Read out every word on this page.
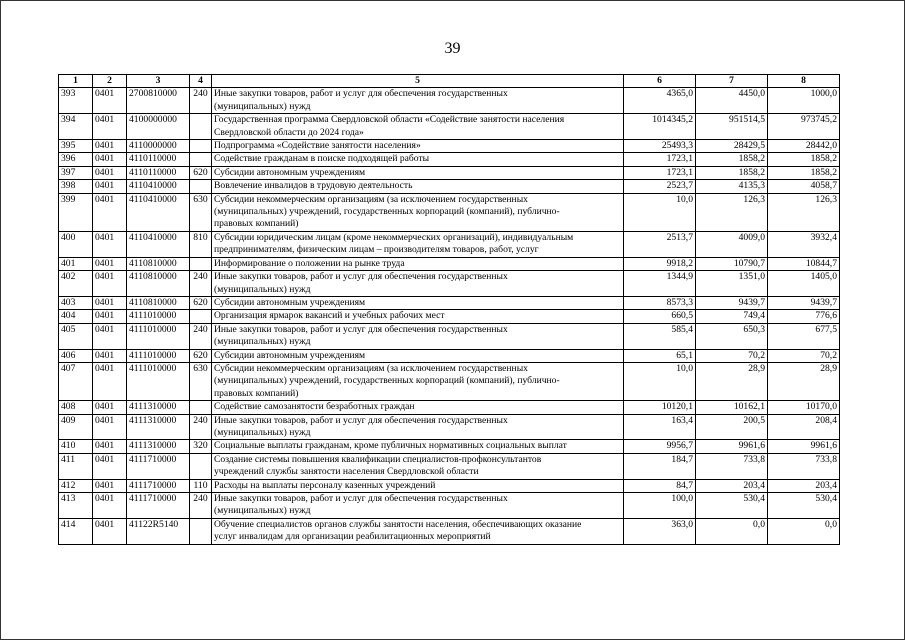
39
1	2	3	4	5	6	7	8
393	0401	2700810000	240	Иные закупки товаров, работ и услуг для обеспечения государственных
(муниципальных) нужд	4365,0	4450,0	1000,0
394	0401	4100000000		Государственная программа Свердловской области «Содействие занятости населения
Свердловской области до 2024 года»	1014345,2	951514,5	973745,2
395	0401	4110000000		Подпрограмма «Содействие занятости населения»	25493,3	28429,5	28442,0
396	0401	4110110000		Содействие гражданам в поиске подходящей работы	1723,1	1858,2	1858,2
397	0401	4110110000	620	Субсидии автономным учреждениям	1723,1	1858,2	1858,2
398	0401	4110410000		Вовлечение инвалидов в трудовую деятельность	2523,7	4135,3	4058,7
399	0401	4110410000	630	Субсидии некоммерческим организациям (за исключением государственных
(муниципальных) учреждений, государственных корпораций (компаний), публично-
правовых компаний)	10,0	126,3	126,3
400	0401	4110410000	810	Субсидии юридическим лицам (кроме некоммерческих организаций), индивидуальным
предпринимателям, физическим лицам – производителям товаров, работ, услуг	2513,7	4009,0	3932,4
401	0401	4110810000		Информирование о положении на рынке труда	9918,2	10790,7	10844,7
402	0401	4110810000	240	Иные закупки товаров, работ и услуг для обеспечения государственных
(муниципальных) нужд	1344,9	1351,0	1405,0
403	0401	4110810000	620	Субсидии автономным учреждениям	8573,3	9439,7	9439,7
404	0401	4111010000		Организация ярмарок вакансий и учебных рабочих мест	660,5	749,4	776,6
405	0401	4111010000	240	Иные закупки товаров, работ и услуг для обеспечения государственных
(муниципальных) нужд	585,4	650,3	677,5
406	0401	4111010000	620	Субсидии автономным учреждениям	65,1	70,2	70,2
407	0401	4111010000	630	Субсидии некоммерческим организациям (за исключением государственных
(муниципальных) учреждений, государственных корпораций (компаний), публично-
правовых компаний)	10,0	28,9	28,9
408	0401	4111310000		Содействие самозанятости безработных граждан	10120,1	10162,1	10170,0
409	0401	4111310000	240	Иные закупки товаров, работ и услуг для обеспечения государственных
(муниципальных) нужд	163,4	200,5	208,4
410	0401	4111310000	320	Социальные выплаты гражданам, кроме публичных нормативных социальных выплат	9956,7	9961,6	9961,6
411	0401	4111710000		Создание системы повышения квалификации специалистов-профконсультантов
учреждений службы занятости населения Свердловской области	184,7	733,8	733,8
412	0401	4111710000	110	Расходы на выплаты персоналу казенных учреждений	84,7	203,4	203,4
413	0401	4111710000	240	Иные закупки товаров, работ и услуг для обеспечения государственных
(муниципальных) нужд	100,0	530,4	530,4
414	0401	41122R5140		Обучение специалистов органов службы занятости населения, обеспечивающих оказание
услуг инвалидам для организации реабилитационных мероприятий	363,0	0,0	0,0
